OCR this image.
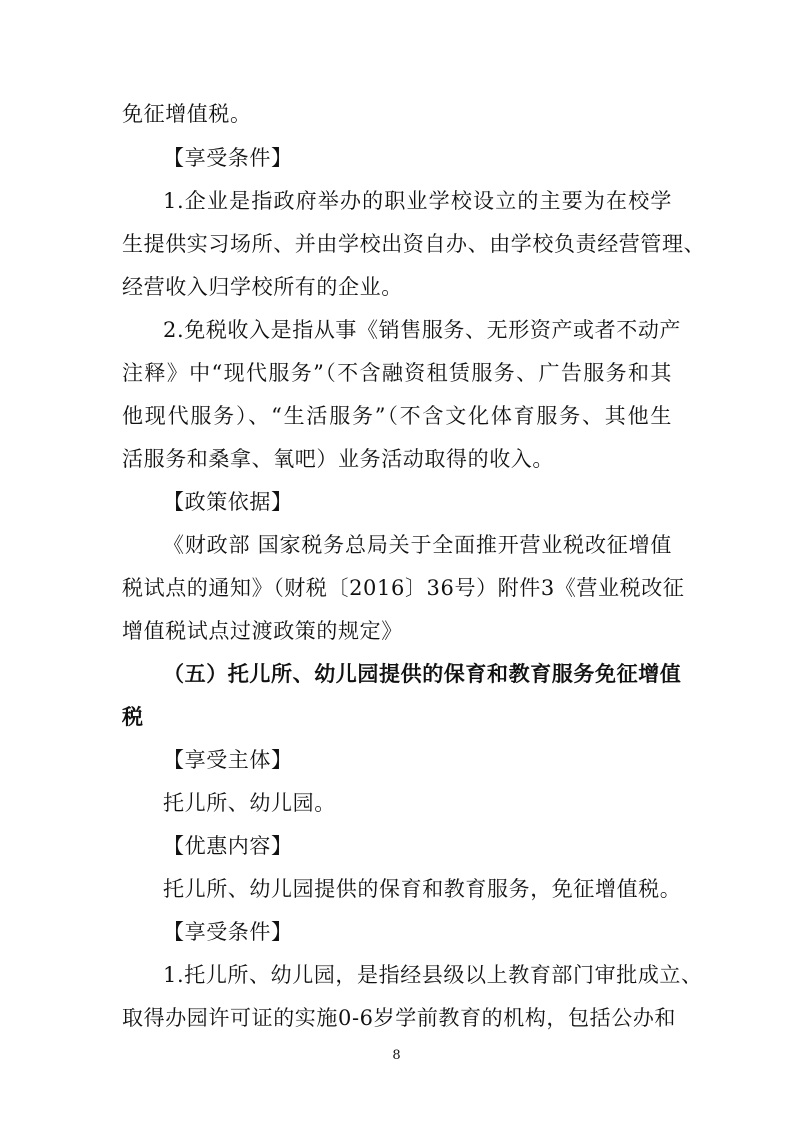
免征增值税。
【享受条件】
1.企业是指政府举办的职业学校设立的主要为在校学
生提供实习场所、并由学校出资自办、由学校负责经营管理、
经营收入归学校所有的企业。
2.免税收入是指从事《销售服务、无形资产或者不动产
注释》中“现代服务”（不含融资租赁服务、广告服务和其
他现代服务）、“生活服务”（不含文化体育服务、其他生
活服务和桑拿、氧吧）业务活动取得的收入。
【政策依据】
《财政部 国家税务总局关于全面推开营业税改征增值
税试点的通知》（财税〔2016〕36号）附件3《营业税改征
增值税试点过渡政策的规定》
（五）托儿所、幼儿园提供的保育和教育服务免征增值
税
【享受主体】
托儿所、幼儿园。
【优惠内容】
托儿所、幼儿园提供的保育和教育服务，免征增值税。
【享受条件】
1.托儿所、幼儿园，是指经县级以上教育部门审批成立、
取得办园许可证的实施0-6岁学前教育的机构，包括公办和
8
